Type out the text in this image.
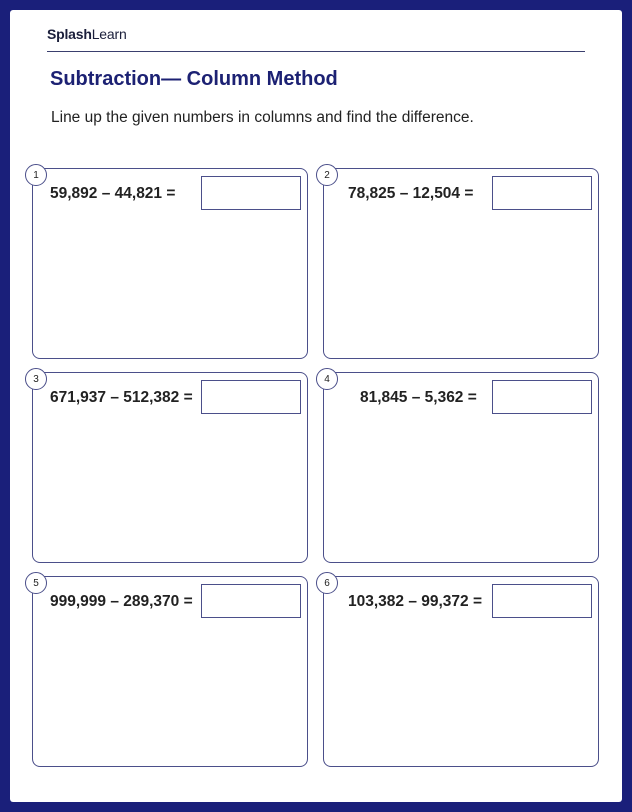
SplashLearn
Subtraction— Column Method
Line up the given numbers in columns and find the difference.
1
59,892 – 44,821 =
2
78,825 – 12,504 =
3
671,937 – 512,382 =
4
81,845 – 5,362 =
5
999,999 – 289,370 =
6
103,382 – 99,372 =
